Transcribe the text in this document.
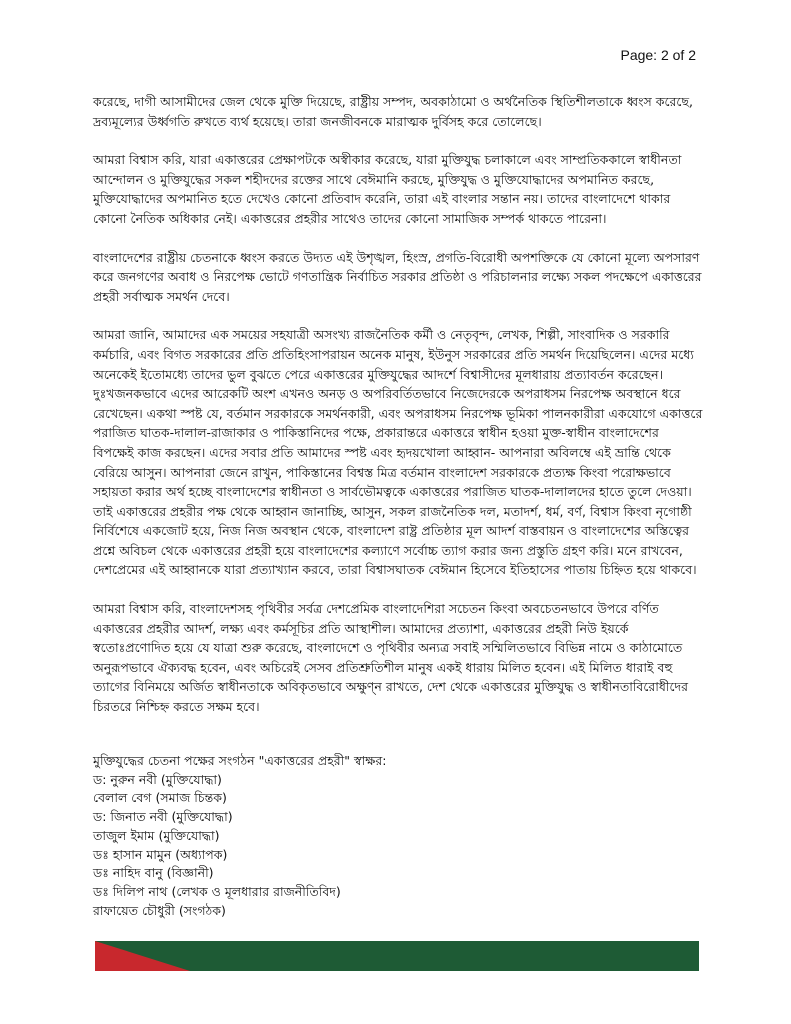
Page: 2 of 2

করেছে, দাগী আসামীদের জেল থেকে মুক্তি দিয়েছে, রাষ্ট্রীয় সম্পদ, অবকাঠামো ও অর্থনৈতিক স্থিতিশীলতাকে ধ্বংস করেছে, দ্রব্যমূল্যের উর্ধ্বগতি রুখতে ব্যর্থ হয়েছে। তারা জনজীবনকে মারাত্মক দুর্বিসহ করে তোলেছে।

আমরা বিশ্বাস করি, যারা একাত্তরের প্রেক্ষাপটকে অস্বীকার করেছে, যারা মুক্তিযুদ্ধ চলাকালে এবং সাম্প্রতিককালে স্বাধীনতা আন্দোলন ও মুক্তিযুদ্ধের সকল শহীদদের রক্তের সাথে বেঈমানি করছে, মুক্তিযুদ্ধ ও মুক্তিযোদ্ধাদের অপমানিত করছে, মুক্তিযোদ্ধাদের অপমানিত হতে দেখেও কোনো প্রতিবাদ করেনি, তারা এই বাংলার সন্তান নয়। তাদের বাংলাদেশে থাকার কোনো নৈতিক অধিকার নেই। একাত্তরের প্রহরীর সাথেও তাদের কোনো সামাজিক সম্পর্ক থাকতে পারেনা।

বাংলাদেশের রাষ্ট্রীয় চেতনাকে ধ্বংস করতে উদ্যত এই উশৃঙ্খল, হিংস্র, প্রগতি-বিরোধী অপশক্তিকে যে কোনো মূল্যে অপসারণ করে জনগণের অবাধ ও নিরপেক্ষ ভোটে গণতান্ত্রিক নির্বাচিত সরকার প্রতিষ্ঠা ও পরিচালনার লক্ষ্যে সকল পদক্ষেপে একাত্তরের প্রহরী সর্বাত্মক সমর্থন দেবে।

আমরা জানি, আমাদের এক সময়ের সহযাত্রী অসংখ্য রাজনৈতিক কর্মী ও নেতৃবৃন্দ, লেখক, শিল্পী, সাংবাদিক ও সরকারি কর্মচারি, এবং বিগত সরকারের প্রতি প্রতিহিংসাপরায়ন অনেক মানুষ, ইউনুস সরকারের প্রতি সমর্থন দিয়েছিলেন। এদের মধ্যে অনেকেই ইতোমধ্যে তাদের ভুল বুঝতে পেরে একাত্তরের মুক্তিযুদ্ধের আদর্শে বিশ্বাসীদের মূলধারায় প্রত্যাবর্তন করেছেন। দুঃখজনকভাবে এদের আরেকটি অংশ এখনও অনড় ও অপরিবর্তিতভাবে নিজেদেরকে অপরাধসম নিরপেক্ষ অবস্থানে ধরে রেখেছেন। একথা স্পষ্ট যে, বর্তমান সরকারকে সমর্থনকারী, এবং অপরাধসম নিরপেক্ষ ভূমিকা পালনকারীরা একযোগে একাত্তরে পরাজিত ঘাতক-দালাল-রাজাকার ও পাকিস্তানিদের পক্ষে, প্রকারান্তরে একাত্তরে স্বাধীন হওয়া মুক্ত-স্বাধীন বাংলাদেশের বিপক্ষেই কাজ করছেন। এদের সবার প্রতি আমাদের স্পষ্ট এবং হৃদয়খোলা আহ্বান- আপনারা অবিলম্বে এই ভ্রান্তি থেকে বেরিয়ে আসুন। আপনারা জেনে রাখুন, পাকিস্তানের বিশ্বস্ত মিত্র বর্তমান বাংলাদেশ সরকারকে প্রত্যক্ষ কিংবা পরোক্ষভাবে সহায়তা করার অর্থ হচ্ছে বাংলাদেশের স্বাধীনতা ও সার্বভৌমত্বকে একাত্তরের পরাজিত ঘাতক-দালালদের হাতে তুলে দেওয়া। তাই একাত্তরের প্রহরীর পক্ষ থেকে আহ্বান জানাচ্ছি, আসুন, সকল রাজনৈতিক দল, মতাদর্শ, ধর্ম, বর্ণ, বিশ্বাস কিংবা নৃগোষ্ঠী নির্বিশেষে একজোট হয়ে, নিজ নিজ অবস্থান থেকে, বাংলাদেশ রাষ্ট্র প্রতিষ্ঠার মূল আদর্শ বাস্তবায়ন ও বাংলাদেশের অস্তিত্বের প্রশ্নে অবিচল থেকে একাত্তরের প্রহরী হয়ে বাংলাদেশের কল্যাণে সর্বোচ্চ ত্যাগ করার জন্য প্রস্তুতি গ্রহণ করি। মনে রাখবেন, দেশপ্রেমের এই আহ্বানকে যারা প্রত্যাখ্যান করবে, তারা বিশ্বাসঘাতক বেঈমান হিসেবে ইতিহাসের পাতায় চিহ্নিত হয়ে থাকবে।

আমরা বিশ্বাস করি, বাংলাদেশসহ পৃথিবীর সর্বত্র দেশপ্রেমিক বাংলাদেশিরা সচেতন কিংবা অবচেতনভাবে উপরে বর্ণিত একাত্তরের প্রহরীর আদর্শ, লক্ষ্য এবং কর্মসূচির প্রতি আস্থাশীল। আমাদের প্রত্যাশা, একাত্তরের প্রহরী নিউ ইয়র্কে স্বতোঃপ্রণোদিত হয়ে যে যাত্রা শুরু করেছে, বাংলাদেশে ও পৃথিবীর অন্যত্র সবাই সম্মিলিতভাবে বিভিন্ন নামে ও কাঠামোতে অনুরূপভাবে ঐক্যবদ্ধ হবেন, এবং অচিরেই সেসব প্রতিশ্রুতিশীল মানুষ একই ধারায় মিলিত হবেন। এই মিলিত ধারাই বহু ত্যাগের বিনিময়ে অর্জিত স্বাধীনতাকে অবিকৃতভাবে অক্ষুণ্ন রাখতে, দেশ থেকে একাত্তরের মুক্তিযুদ্ধ ও স্বাধীনতাবিরোধীদের চিরতরে নিশ্চিহ্ন করতে সক্ষম হবে।

মুক্তিযুদ্ধের চেতনা পক্ষের সংগঠন "একাত্তরের প্রহরী" স্বাক্ষর:
ড: নুরুন নবী (মুক্তিযোদ্ধা)
বেলাল বেগ (সমাজ চিন্তক)
ড: জিনাত নবী (মুক্তিযোদ্ধা)
তাজুল ইমাম (মুক্তিযোদ্ধা)
ডঃ হাসান মামুন (অধ্যাপক)
ডঃ নাহিদ বানু (বিজ্ঞানী)
ডঃ দিলিপ নাথ (লেখক ও মূলধারার রাজনীতিবিদ)
রাফায়েত চৌধুরী (সংগঠক)
